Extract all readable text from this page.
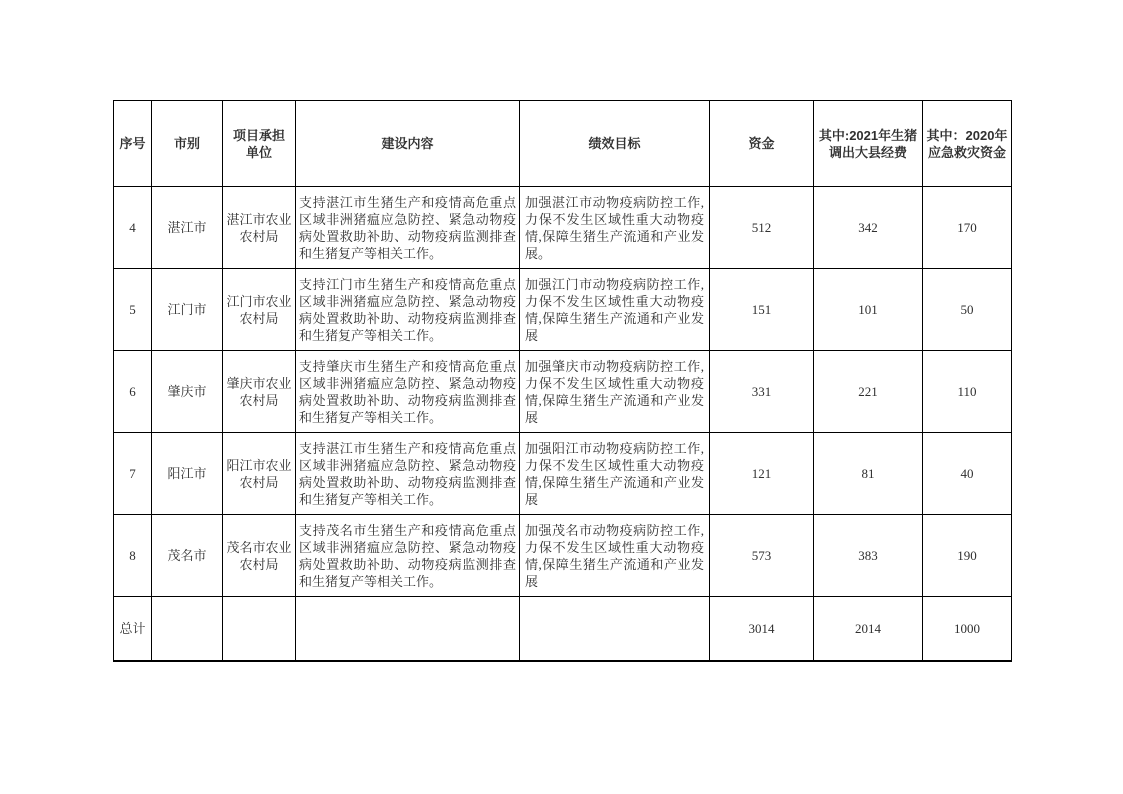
序号	市别	项目承担单位	建设内容	绩效目标	资金	其中:2021年生猪调出大县经费	其中：2020年应急救灾资金
4	湛江市	湛江市农业农村局	支持湛江市生猪生产和疫情高危重点区域非洲猪瘟应急防控、紧急动物疫病处置救助补助、动物疫病监测排查和生猪复产等相关工作。	加强湛江市动物疫病防控工作,力保不发生区域性重大动物疫情,保障生猪生产流通和产业发展。	512	342	170
5	江门市	江门市农业农村局	支持江门市生猪生产和疫情高危重点区域非洲猪瘟应急防控、紧急动物疫病处置救助补助、动物疫病监测排查和生猪复产等相关工作。	加强江门市动物疫病防控工作,力保不发生区域性重大动物疫情,保障生猪生产流通和产业发展	151	101	50
6	肇庆市	肇庆市农业农村局	支持肇庆市生猪生产和疫情高危重点区域非洲猪瘟应急防控、紧急动物疫病处置救助补助、动物疫病监测排查和生猪复产等相关工作。	加强肇庆市动物疫病防控工作,力保不发生区域性重大动物疫情,保障生猪生产流通和产业发展	331	221	110
7	阳江市	阳江市农业农村局	支持湛江市生猪生产和疫情高危重点区域非洲猪瘟应急防控、紧急动物疫病处置救助补助、动物疫病监测排查和生猪复产等相关工作。	加强阳江市动物疫病防控工作,力保不发生区域性重大动物疫情,保障生猪生产流通和产业发展	121	81	40
8	茂名市	茂名市农业农村局	支持茂名市生猪生产和疫情高危重点区域非洲猪瘟应急防控、紧急动物疫病处置救助补助、动物疫病监测排查和生猪复产等相关工作。	加强茂名市动物疫病防控工作,力保不发生区域性重大动物疫情,保障生猪生产流通和产业发展	573	383	190
总计					3014	2014	1000
